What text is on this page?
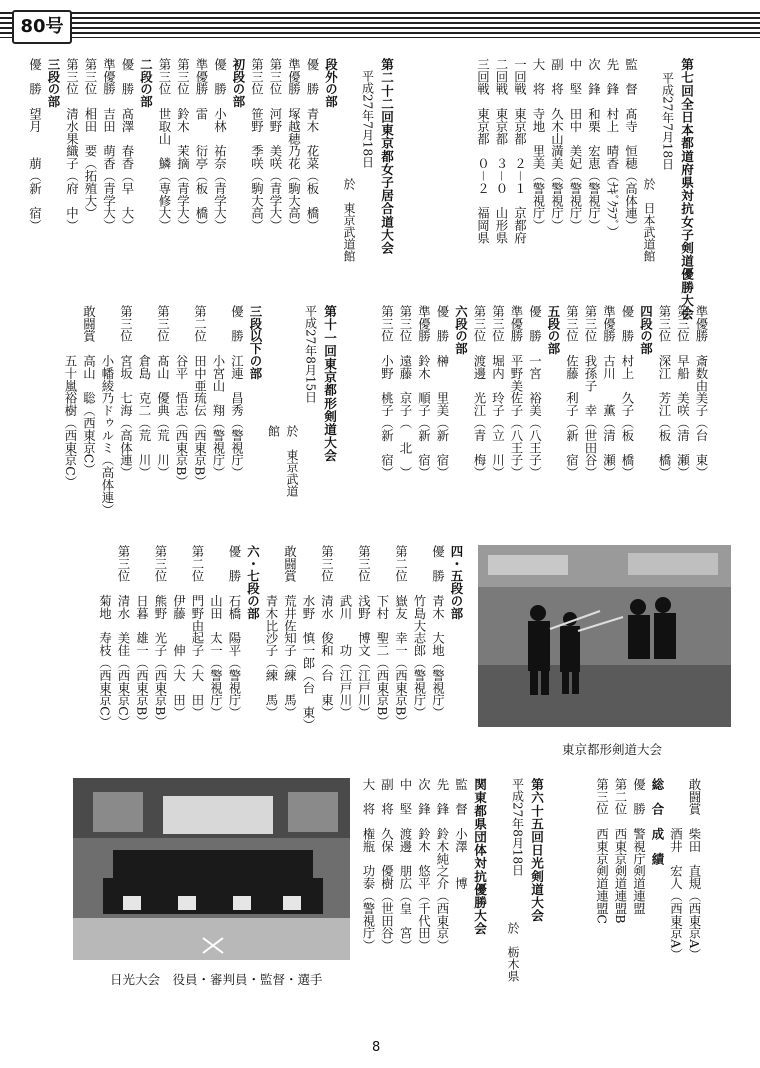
80号
第七回全日本都道府県対抗女子剣道優勝大会
平成27年7月18日
於　日本武道館
監　督　髙寺　恒穂（高体連）
先　鋒　村上　晴香（ﾅｷﾞｸﾗﾌﾞ）
次　鋒　和栗　宏恵（警視庁）
中　堅　田中　美妃（警視庁）
副　将　久木山満美（警視庁）
大　将　寺地　里美（警視庁）
一回戦　東京都　２－１　京都府
二回戦　東京都　３－０　山形県
三回戦　東京都　０－２　福岡県
第二十二回東京都女子居合道大会
平成27年7月18日
於　東京武道館
段外の部
優　勝　青木　花菜（板　橋）
準優勝　塚越穂乃花（駒大高）
第三位　河野　美咲（青学大）
第三位　笹野　季咲（駒大高）
初段の部
優　勝　小林　祐奈（青学大）
準優勝　雷　　衍亭（板　橋）
第三位　鈴木　茉摘（青学大）
第三位　世取山　鱗（専修大）
二段の部
優　勝　髙澤　春香（早　大）
準優勝　吉田　萌香（青学大）
第三位　相田　要（拓殖大）
第三位　清水果織子（府　中）
三段の部
優　勝　望月　　萠（新　宿）
準優勝　斎数由美子（台　東）
第三位　早船　美咲（清　瀬）
第三位　深江　芳江（板　橋）
四段の部
優　勝　村上　久子（板　橋）
準優勝　古川　　薫（清　瀬）
第三位　我孫子　幸（世田谷）
第三位　佐藤　利子（新　宿）
五段の部
優　勝　一宮　裕美（八王子）
準優勝　平野美佐子（八王子）
第三位　堀内　玲子（立　川）
第三位　渡邊　光江（青　梅）
六段の部
優　勝　榊　　里美（新　宿）
準優勝　鈴木　順子（新　宿）
第三位　遠藤　京子（　北　）
第三位　小野　桃子（新　宿）
第十一回東京都形剣道大会
平成27年8月15日
於　東京武道館
三段以下の部
優　勝　江連　昌秀（警視庁）
　　　　小宮山　翔（警視庁）
第二位　田中亜琉伝（西東京B）
　　　　谷平　悟志（西東京B）
第三位　髙山　優典（荒　川）
　　　　倉島　克二（荒　川）
第三位　宮坂　七海（高体連）
　　　　小幡綾乃ドゥルミ（高体連）
敢闘賞　高山　聡（西東京C）
　　　　五十嵐裕樹（西東京C）
四・五段の部
優　勝　青木　大地（警視庁）
　　　　竹島大志郎（警視庁）
第二位　嶽友　幸一（西東京B）
　　　　下村　聖二（西東京B）
第三位　浅野　博文（江戸川）
　　　　武川　　功（江戸川）
第三位　清水　俊和（台　東）
　　　　水野　慎一郎（台　東）
敢闘賞　荒井佐知子（練　馬）
　　　　青木比沙子（練　馬）
六・七段の部
優　勝　石橋　陽平（警視庁）
　　　　山田　太一（警視庁）
第二位　門野由起子（大　田）
　　　　伊藤　　伸（大　田）
第三位　熊野　光子（西東京B）
　　　　日暮　雄一（西東京B）
第三位　清水　美佳（西東京C）
　　　　菊地　寿枝（西東京C）
敢闘賞　柴田　直規（西東京A）
　　　　酒井　宏人（西東京A）
総　合　成　績
優　勝　警視庁剣道連盟
第二位　西東京剣道連盟B
第三位　西東京剣道連盟C
第六十五回日光剣道大会
平成27年8月18日
於　栃木県
関東都県団体対抗優勝大会
監　督　小澤　　博
先　鋒　鈴木純之介（西東京）
次　鋒　鈴木　悠平（千代田）
中　堅　渡邊　朋広（皇　宮）
副　将　久保　優樹（世田谷）
大　将　権瓶　功泰（警視庁）
東京都形剣道大会
日光大会　役員・審判員・監督・選手
8
